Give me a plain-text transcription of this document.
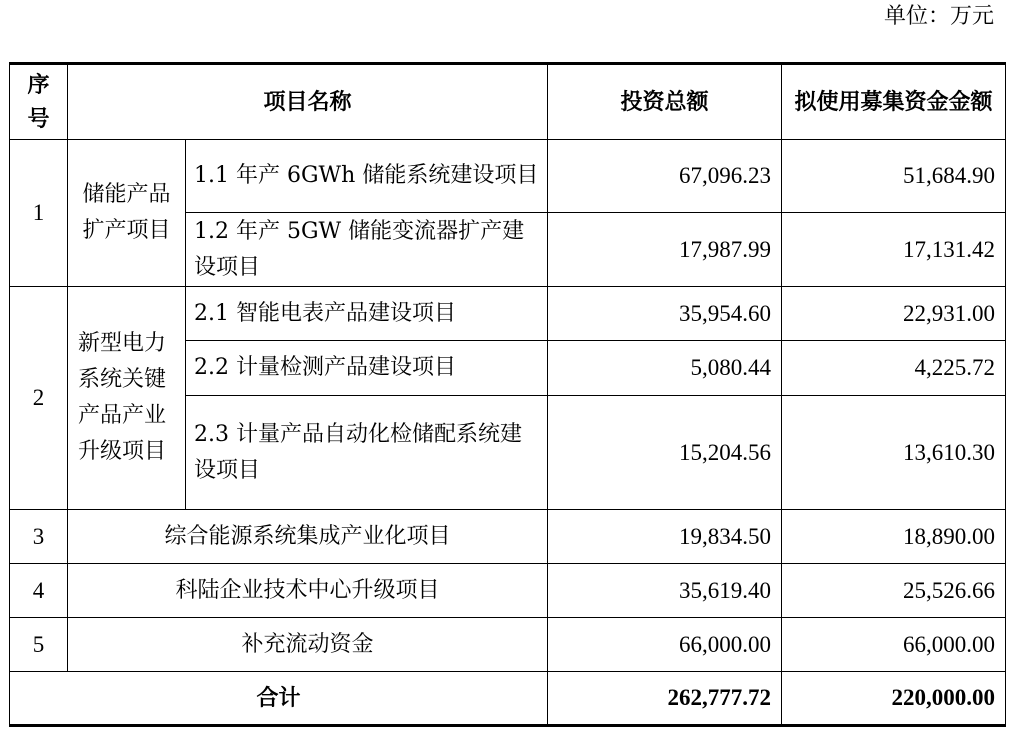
单位：万元
序号	项目名称		投资总额	拟使用募集资金金额
1	储能产品扩产项目	1.1 年产 6GWh 储能系统建设项目	67,096.23	51,684.90
		1.2 年产 5GW 储能变流器扩产建设项目	17,987.99	17,131.42
2	新型电力系统关键产品产业升级项目	2.1 智能电表产品建设项目	35,954.60	22,931.00
		2.2 计量检测产品建设项目	5,080.44	4,225.72
		2.3 计量产品自动化检储配系统建设项目	15,204.56	13,610.30
3	综合能源系统集成产业化项目		19,834.50	18,890.00
4	科陆企业技术中心升级项目		35,619.40	25,526.66
5	补充流动资金		66,000.00	66,000.00
合计			262,777.72	220,000.00
